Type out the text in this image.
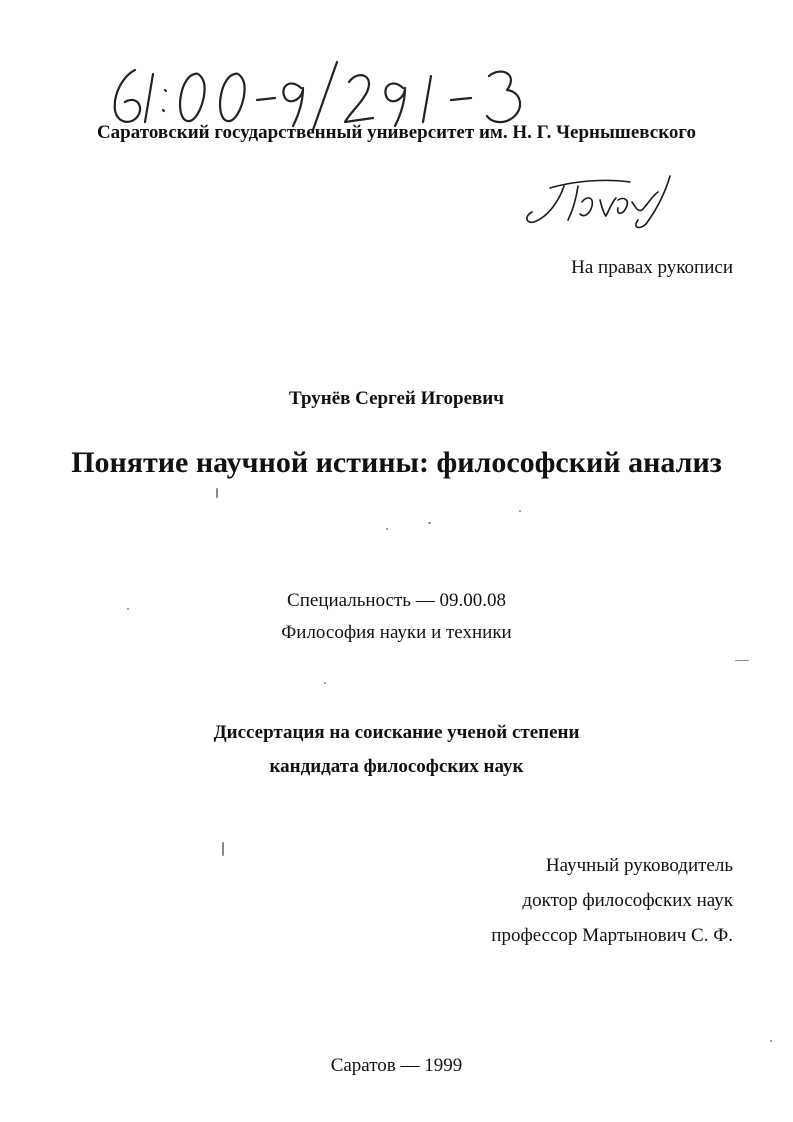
Саратовский государственный университет им. Н. Г. Чернышевского
На правах рукописи
Трунёв Сергей Игоревич
Понятие научной истины: философский анализ
Специальность — 09.00.08
Философия науки и техники
Диссертация на соискание ученой степени
кандидата философских наук
Научный руководитель
доктор философских наук
профессор Мартынович С. Ф.
Саратов — 1999
